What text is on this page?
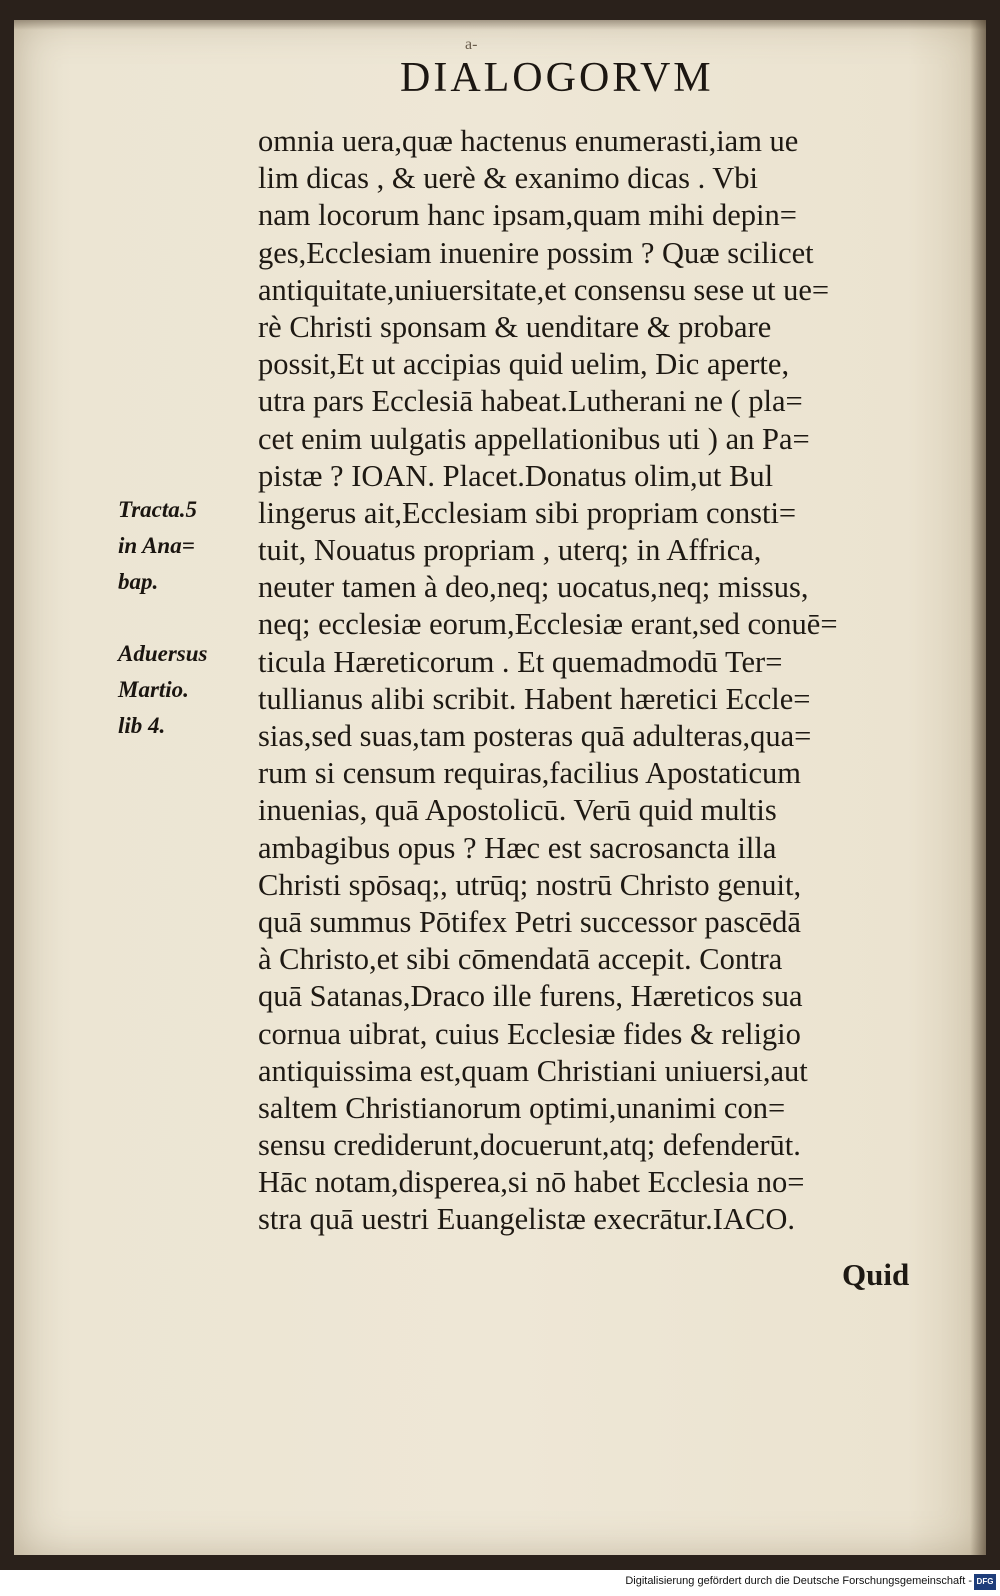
a-
DIALOGORVM
omnia uera,quæ hactenus enumerasti,iam ue
lim dicas , & uerè & exanimo dicas . Vbi
nam locorum hanc ipsam,quam mihi depin=
ges,Ecclesiam inuenire possim ? Quæ scilicet
antiquitate,uniuersitate,et consensu sese ut ue=
rè Christi sponsam & uenditare & probare
possit,Et ut accipias quid uelim, Dic aperte,
utra pars Ecclesiā habeat.Lutherani ne ( pla=
cet enim uulgatis appellationibus uti ) an Pa=
pistæ ? IOAN. Placet.Donatus olim,ut Bul
lingerus ait,Ecclesiam sibi propriam consti=
tuit, Nouatus propriam , uterq; in Affrica,
neuter tamen à deo,neq; uocatus,neq; missus,
neq; ecclesiæ eorum,Ecclesiæ erant,sed conuē=
ticula Hæreticorum . Et quemadmodū Ter=
tullianus alibi scribit. Habent hæretici Eccle=
sias,sed suas,tam posteras quā adulteras,qua=
rum si censum requiras,facilius Apostaticum
inuenias, quā Apostolicū. Verū quid multis
ambagibus opus ? Hæc est sacrosancta illa
Christi spōsaq;, utrūq; nostrū Christo genuit,
quā summus Pōtifex Petri successor pascēdā
à Christo,et sibi cōmendatā accepit. Contra
quā Satanas,Draco ille furens, Hæreticos sua
cornua uibrat, cuius Ecclesiæ fides & religio
antiquissima est,quam Christiani uniuersi,aut
saltem Christianorum optimi,unanimi con=
sensu crediderunt,docuerunt,atq; defenderūt.
Hāc notam,disperea,si nō habet Ecclesia no=
stra quā uestri Euangelistæ execrātur.IACO.
Quid
Tracta.5
in Ana=
bap.
Aduersus
Martio.
lib 4.
Digitalisierung gefördert durch die Deutsche Forschungsgemeinschaft - DFG
